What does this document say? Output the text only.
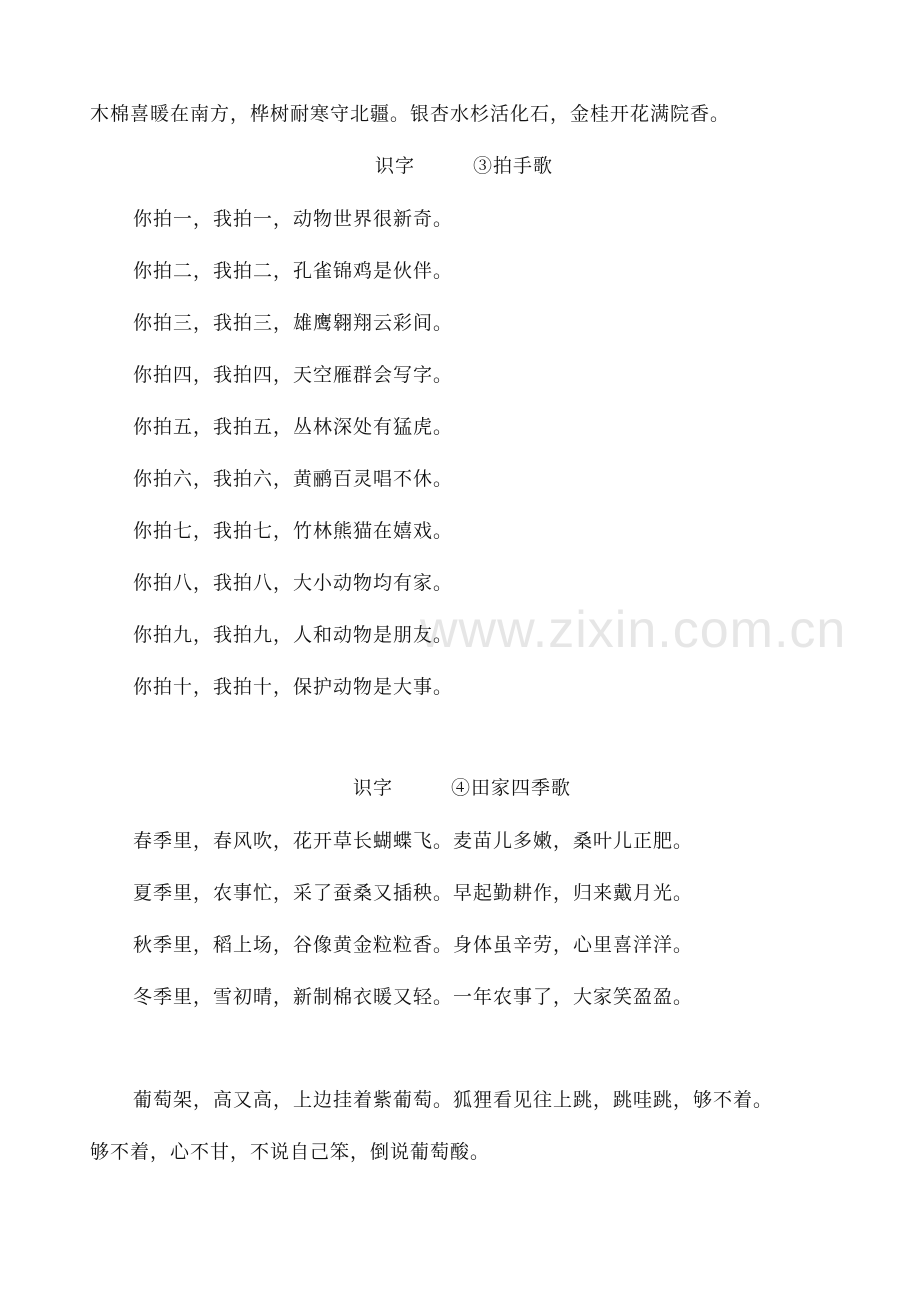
www.zixin.com.cn
木棉喜暖在南方，桦树耐寒守北疆。银杏水杉活化石，金桂开花满院香。
识字	③拍手歌
你拍一，我拍一，动物世界很新奇。
你拍二，我拍二，孔雀锦鸡是伙伴。
你拍三，我拍三，雄鹰翱翔云彩间。
你拍四，我拍四，天空雁群会写字。
你拍五，我拍五，丛林深处有猛虎。
你拍六，我拍六，黄鹂百灵唱不休。
你拍七，我拍七，竹林熊猫在嬉戏。
你拍八，我拍八，大小动物均有家。
你拍九，我拍九，人和动物是朋友。
你拍十，我拍十，保护动物是大事。
识字	④田家四季歌
春季里，春风吹，花开草长蝴蝶飞。麦苗儿多嫩，桑叶儿正肥。
夏季里，农事忙，采了蚕桑又插秧。早起勤耕作，归来戴月光。
秋季里，稻上场，谷像黄金粒粒香。身体虽辛劳，心里喜洋洋。
冬季里，雪初晴，新制棉衣暖又轻。一年农事了，大家笑盈盈。
葡萄架，高又高，上边挂着紫葡萄。狐狸看见往上跳，跳哇跳，够不着。
够不着，心不甘，不说自己笨，倒说葡萄酸。
